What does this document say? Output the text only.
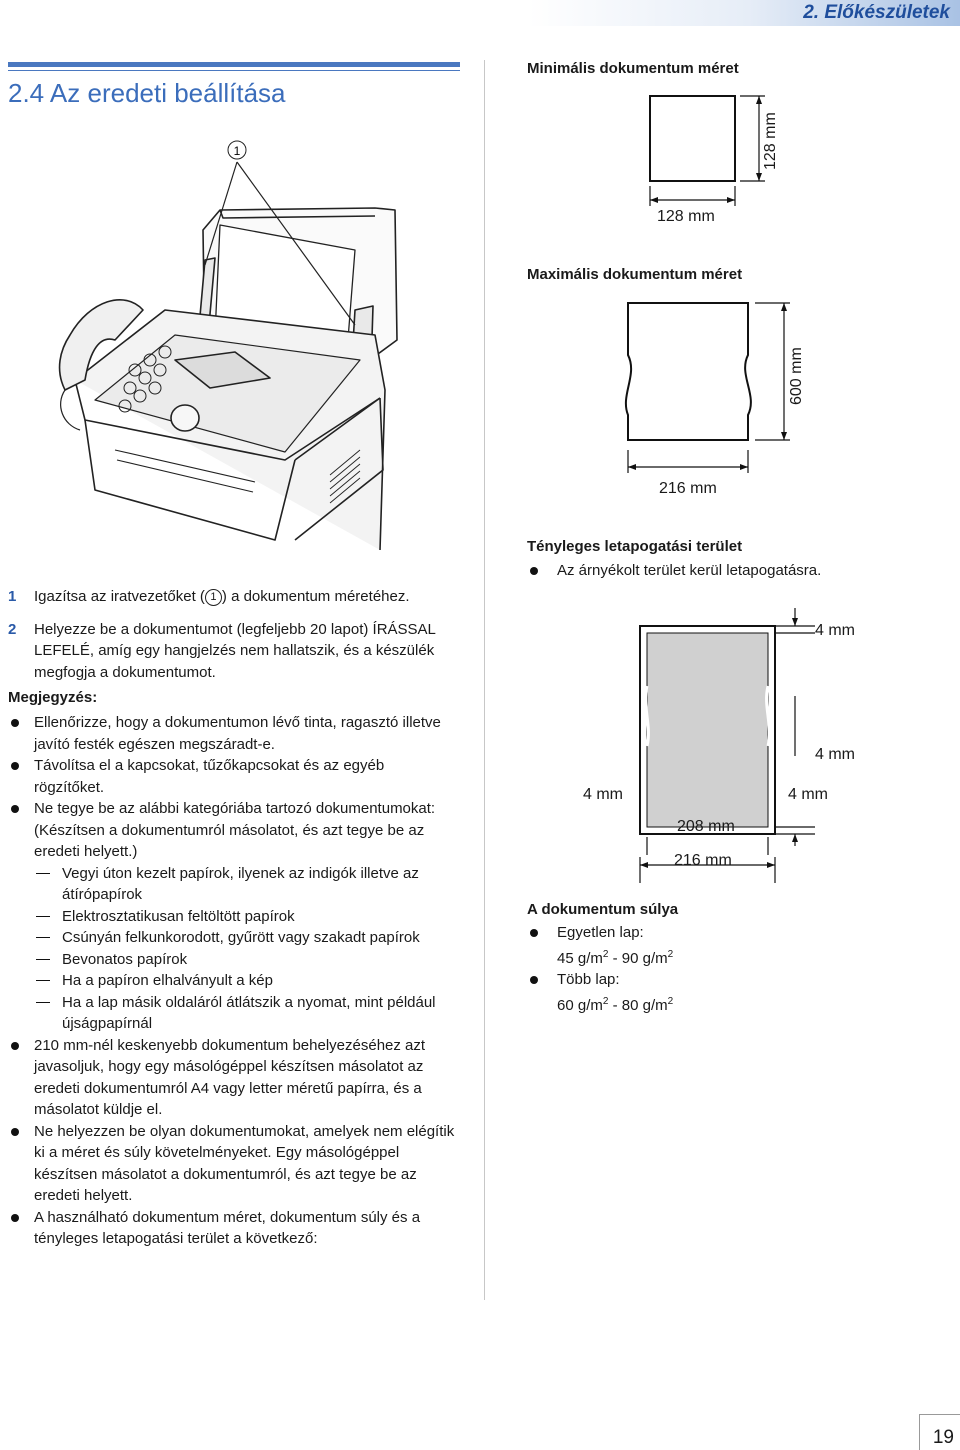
2. Előkészületek
2.4 Az eredeti beállítása
1
1 Igazítsa az iratvezetőket ( 1 ) a dokumentum méretéhez.
2 Helyezze be a dokumentumot (legfeljebb 20 lapot) ÍRÁSSAL LEFELÉ, amíg egy hangjelzés nem hallatszik, és a készülék megfogja a dokumentumot.
Megjegyzés:
Ellenőrizze, hogy a dokumentumon lévő tinta, ragasztó illetve javító festék egészen megszáradt-e.
Távolítsa el a kapcsokat, tűzőkapcsokat és az egyéb rögzítőket.
Ne tegye be az alábbi kategóriába tartozó dokumentumokat: (Készítsen a dokumentumról másolatot, és azt tegye be az eredeti helyett.)
Vegyi úton kezelt papírok, ilyenek az indigók illetve az átírópapírok
Elektrosztatikusan feltöltött papírok
Csúnyán felkunkorodott, gyűrött vagy szakadt papírok
Bevonatos papírok
Ha a papíron elhalványult a kép
Ha a lap másik oldaláról átlátszik a nyomat, mint például újságpapírnál
210 mm-nél keskenyebb dokumentum behelyezéséhez azt javasoljuk, hogy egy másológéppel készítsen másolatot az eredeti dokumentumról A4 vagy letter méretű papírra, és a másolatot küldje el.
Ne helyezzen be olyan dokumentumokat, amelyek nem elégítik ki a méret és súly követelményeket. Egy másológéppel készítsen másolatot a dokumentumról, és azt tegye be az eredeti helyett.
A használható dokumentum méret, dokumentum súly és a tényleges letapogatási terület a következő:
Minimális dokumentum méret
128 mm
128 mm
Maximális dokumentum méret
216 mm
600 mm
Tényleges letapogatási terület
Az árnyékolt terület kerül letapogatásra.
4 mm
4 mm
4 mm	4 mm
208 mm
216 mm
A dokumentum súlya
Egyetlen lap:
45 $g/m^2 - 90$ $g/m^2$
Több lap:
60 $g/m^2 - 80$ $g/m^2$
19
